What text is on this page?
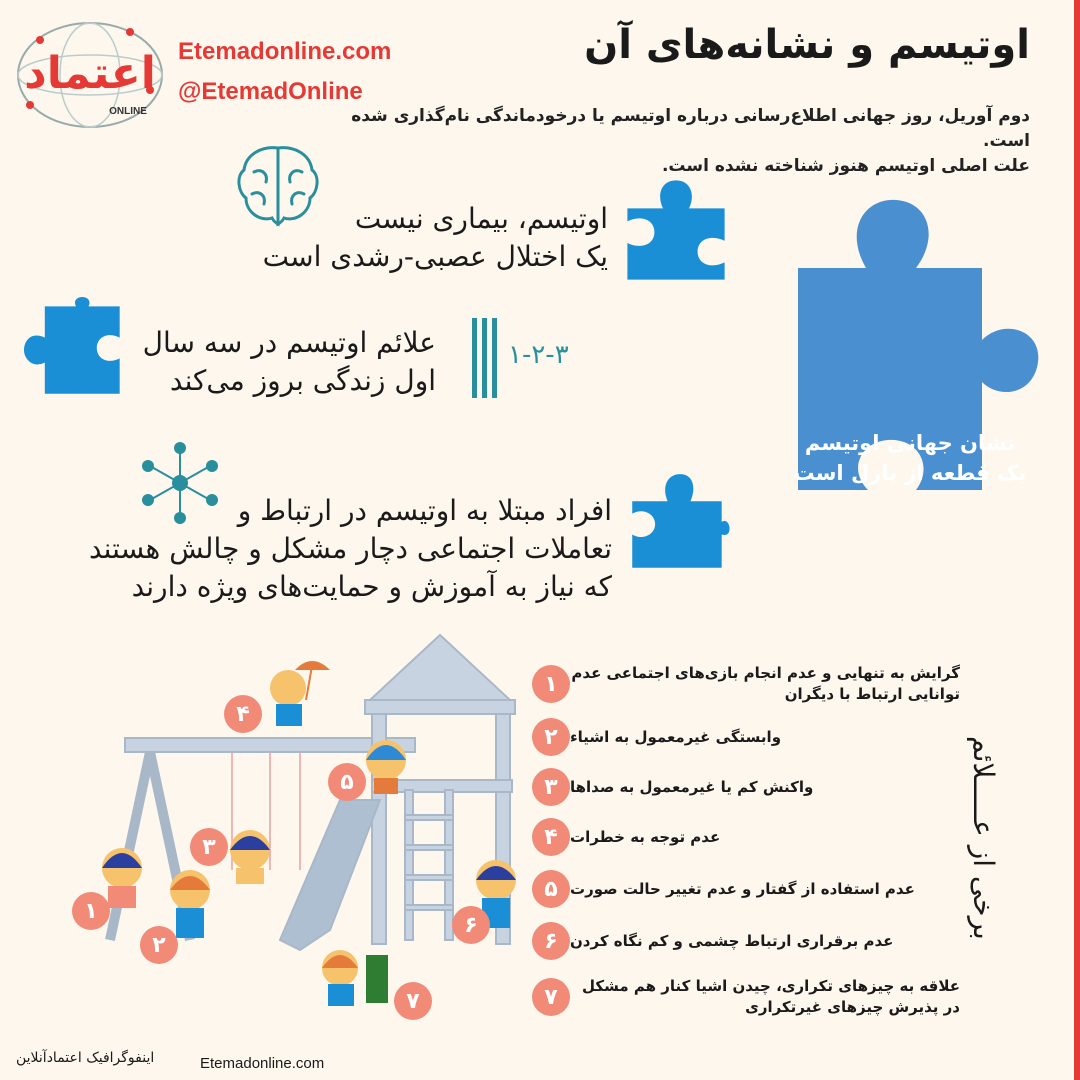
اعتماد
ONLINE
Etemadonline.com
@EtemadOnline
اوتیسم و نشانه‌های آن
دوم آوریل، روز جهانی اطلاع‌رسانی درباره اوتیسم یا درخودماندگی نام‌گذاری شده است.
علت اصلی اوتیسم هنوز شناخته نشده است.
اوتیسم، بیماری نیست
یک اختلال عصبی-رشدی است
علائم اوتیسم در سه سال
اول زندگی بروز می‌کند
۱-۲-۳
نشان جهانی اوتیسم
یک قطعه از پازل است
افراد مبتلا به اوتیسم در ارتباط و
تعاملات اجتماعی دچار مشکل و چالش هستند
که نیاز به آموزش و حمایت‌های ویژه دارند
۴
۵
۳
۱
۲
۶
۷
برخی از عـــــلائم
۱ گرایش به تنهایی و عدم انجام بازی‌های اجتماعی عدم توانایی ارتباط با دیگران
۲ وابستگی غیرمعمول به اشیاء
۳ واکنش کم یا غیرمعمول به صداها
۴ عدم توجه به خطرات
۵ عدم استفاده از گفتار و عدم تغییر حالت صورت
۶ عدم برقراری ارتباط چشمی و کم نگاه کردن
۷	علاقه به چیزهای تکراری، چیدن اشیا کنار هم مشکل در پذیرش چیزهای غیرتکراری
اینفوگرافیک اعتمادآنلاین	Etemadonline.com
